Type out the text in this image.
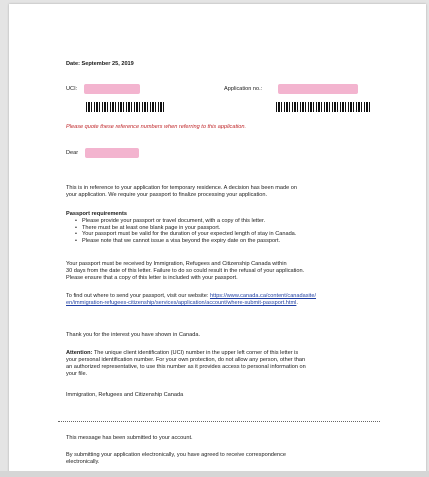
Date: September 25, 2019
UCI:	Application no.:
Please quote these reference numbers when referring to this application.
Dear
This is in reference to your application for temporary residence. A decision has been made on
your application. We require your passport to finalize processing your application.
Passport requirements
• Please provide your passport or travel document, with a copy of this letter.
• There must be at least one blank page in your passport.
• Your passport must be valid for the duration of your expected length of stay in Canada.
• Please note that we cannot issue a visa beyond the expiry date on the passport.
Your passport must be received by Immigration, Refugees and Citizenship Canada within
30 days from the date of this letter. Failure to do so could result in the refusal of your application.
Please ensure that a copy of this letter is included with your passport.
To find out where to send your passport, visit our website: https://www.canada.ca/content/canadasite/
en/immigration-refugees-citizenship/services/application/account/where-submit-passport.html.
Thank you for the interest you have shown in Canada.
Attention: The unique client identification (UCI) number in the upper left corner of this letter is
your personal identification number. For your own protection, do not allow any person, other than
an authorized representative, to use this number as it provides access to personal information on
your file.
Immigration, Refugees and Citizenship Canada
This message has been submitted to your account.
By submitting your application electronically, you have agreed to receive correspondence
electronically.
